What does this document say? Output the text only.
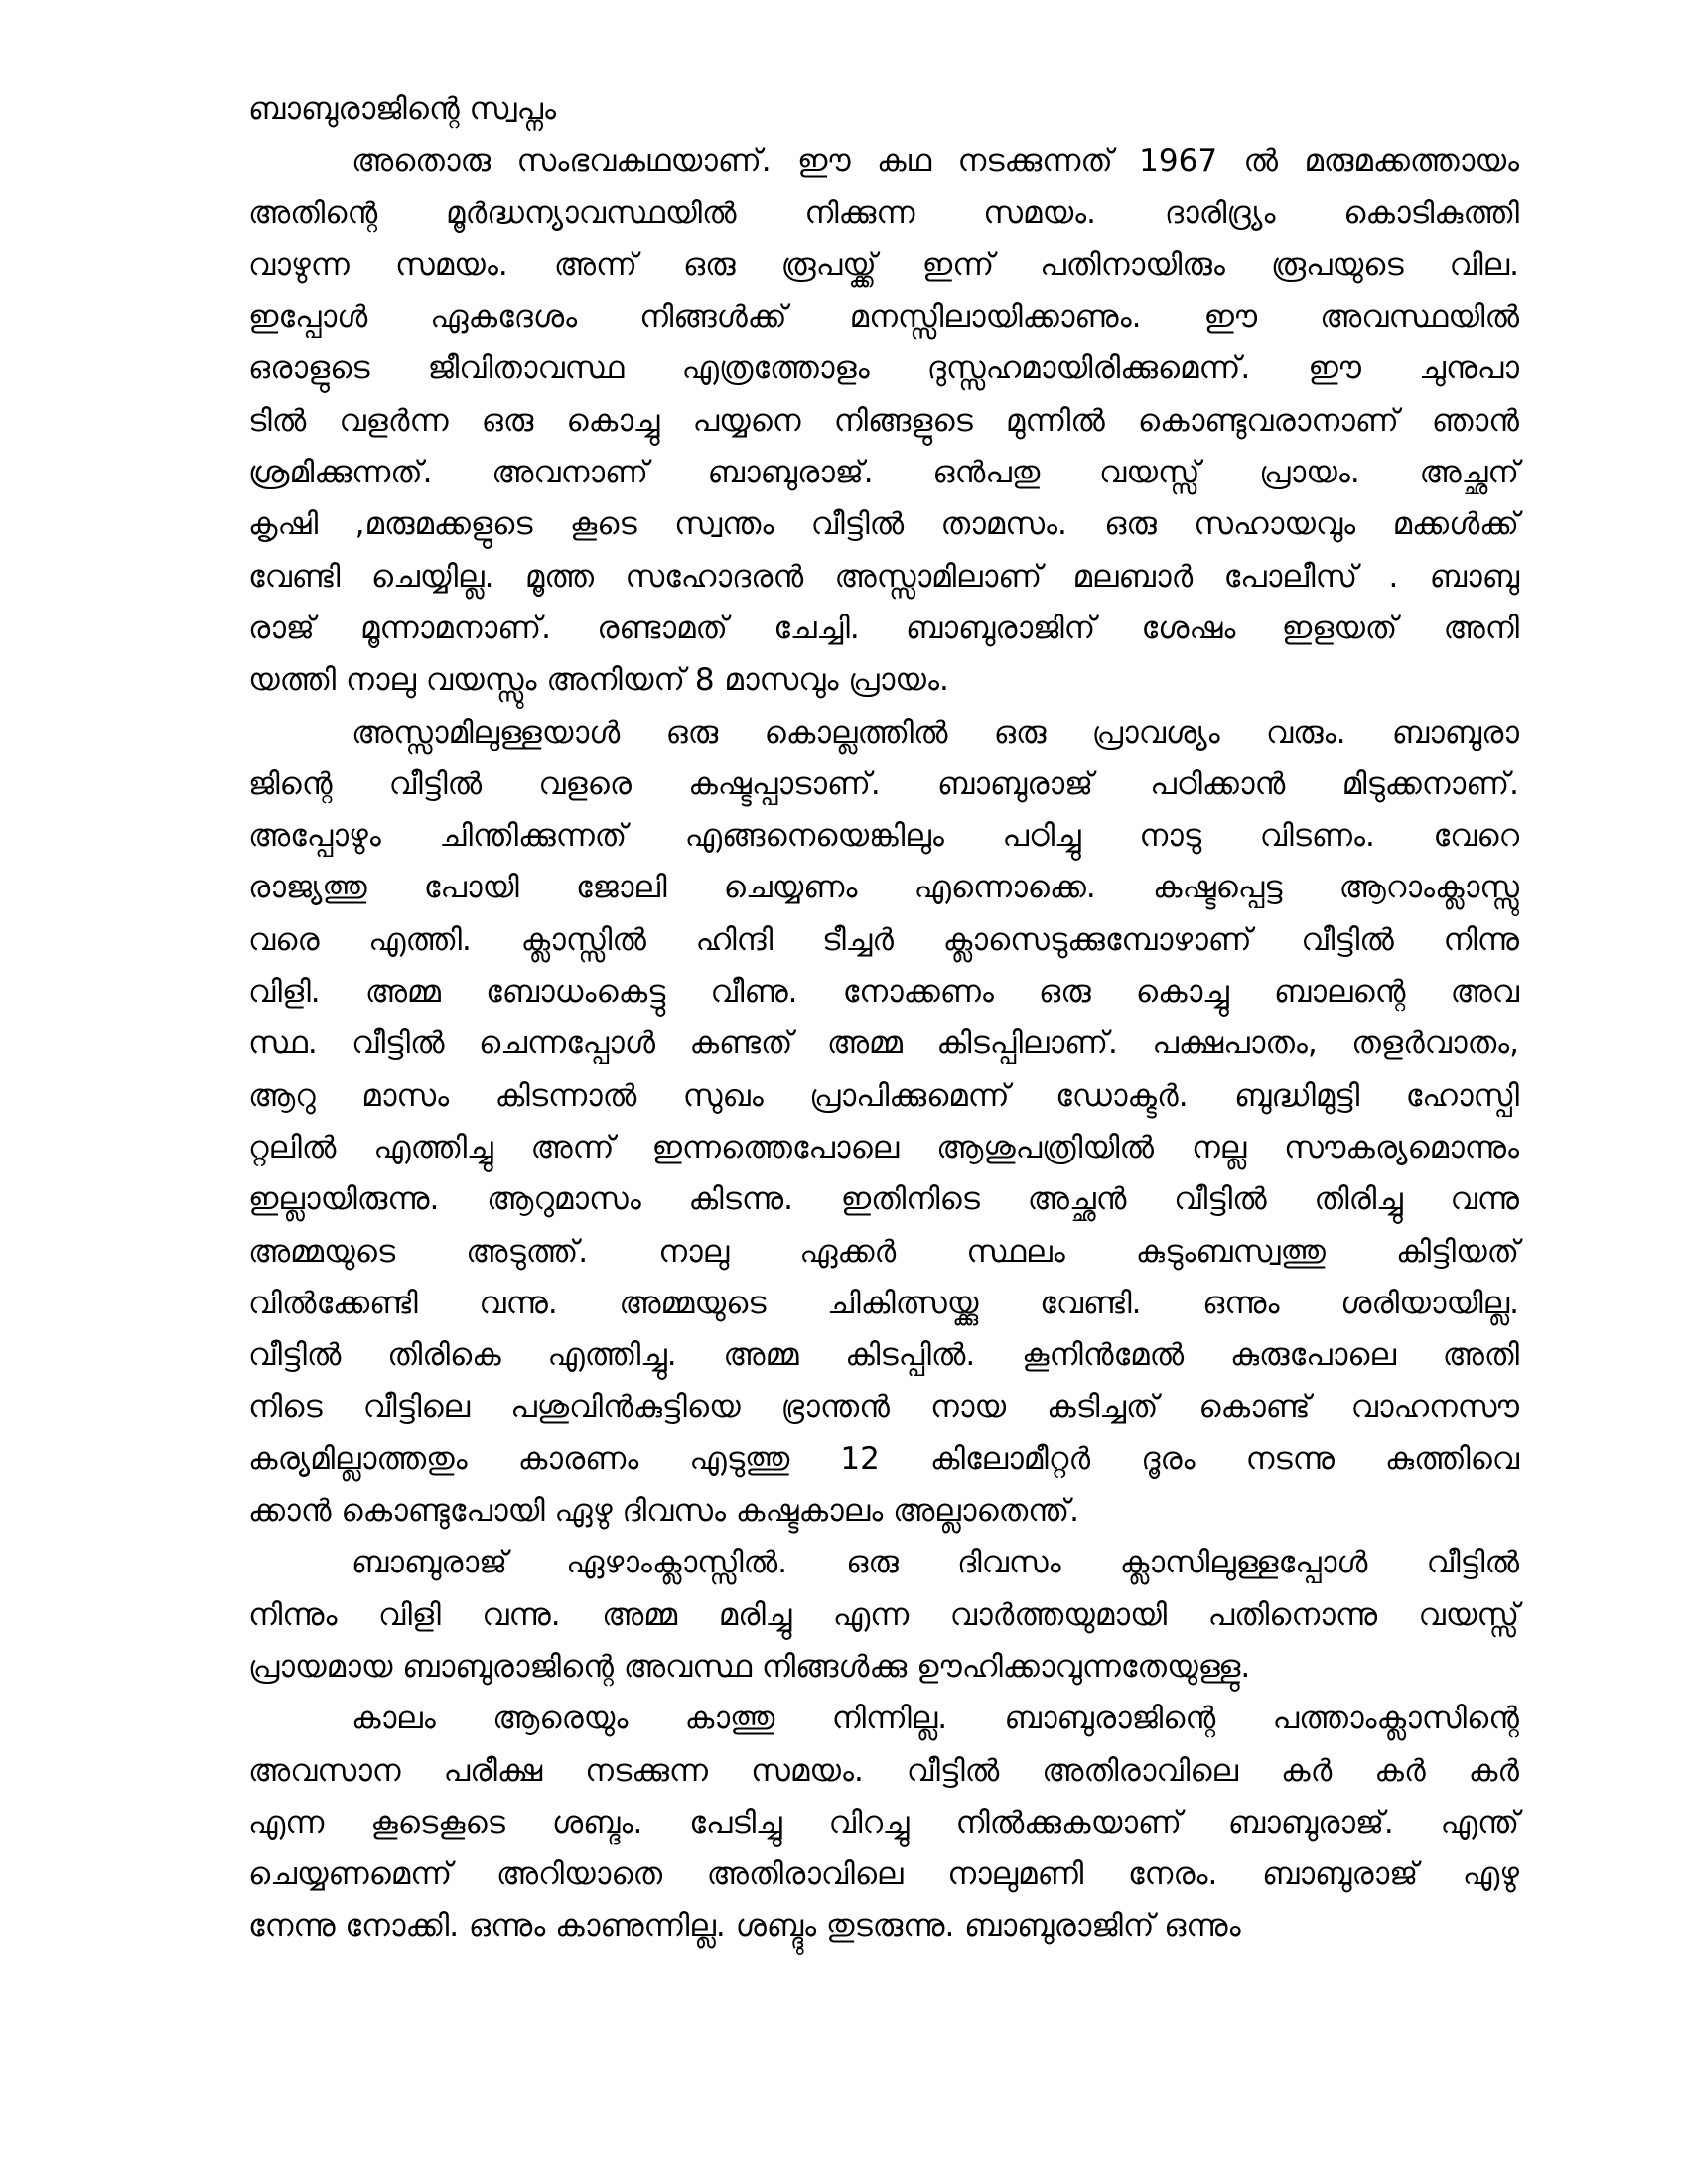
ബാബുരാജിന്റെ സ്വപ്നം
അതൊരു സംഭവകഥയാണ്. ഈ കഥ നടക്കുന്നത് 1967 ൽ മരുമക്കത്തായം
അതിന്റെ മൂർദ്ധന്യാവസ്ഥയിൽ നിക്കുന്ന സമയം. ദാരിദ്ര്യം കൊടികുത്തി
വാഴുന്ന സമയം. അന്ന് ഒരു രൂപയ്ക്ക് ഇന്ന് പതിനായിരും രൂപയുടെ വില.
ഇപ്പോൾ ഏകദേശം നിങ്ങൾക്ക് മനസ്സിലായിക്കാണും. ഈ അവസ്ഥയിൽ
ഒരാളുടെ ജീവിതാവസ്ഥ എത്രത്തോളം ദുസ്സഹമായിരിക്കുമെന്ന്. ഈ ചുനുപാ
ടിൽ വളർന്ന ഒരു കൊച്ചു പയ്യനെ നിങ്ങളുടെ മുന്നിൽ കൊണ്ടുവരാനാണ് ഞാൻ
ശ്രമിക്കുന്നത്. അവനാണ് ബാബുരാജ്. ഒൻപതു വയസ്സ് പ്രായം. അച്ഛന്
കൃഷി ,മരുമക്കളുടെ കൂടെ സ്വന്തം വീട്ടിൽ താമസം. ഒരു സഹായവും മക്കൾക്ക്
വേണ്ടി ചെയ്യില്ല. മൂത്ത സഹോദരൻ അസ്സാമിലാണ് മലബാർ പോലീസ് . ബാബു
രാജ് മൂന്നാമനാണ്. രണ്ടാമത് ചേച്ചി. ബാബുരാജിന് ശേഷം ഇളയത് അനി
യത്തി നാലു വയസ്സും അനിയന് 8 മാസവും പ്രായം.
അസ്സാമിലുള്ളയാൾ ഒരു കൊല്ലത്തിൽ ഒരു പ്രാവശ്യം വരും. ബാബുരാ
ജിന്റെ വീട്ടിൽ വളരെ കഷ്ടപ്പാടാണ്. ബാബുരാജ് പഠിക്കാൻ മിടുക്കനാണ്.
അപ്പോഴും ചിന്തിക്കുന്നത് എങ്ങനെയെങ്കിലും പഠിച്ചു നാടു വിടണം. വേറെ
രാജ്യത്തു പോയി ജോലി ചെയ്യണം എന്നൊക്കെ. കഷ്ടപ്പെട്ട ആറാംക്ലാസ്സു
വരെ എത്തി. ക്ലാസ്സിൽ ഹിന്ദി ടീച്ചർ ക്ലാസെടുക്കുമ്പോഴാണ് വീട്ടിൽ നിന്നു
വിളി. അമ്മ ബോധംകെട്ടു വീണു. നോക്കണം ഒരു കൊച്ചു ബാലന്റെ അവ
സ്ഥ. വീട്ടിൽ ചെന്നപ്പോൾ കണ്ടത് അമ്മ കിടപ്പിലാണ്. പക്ഷപാതം, തളർവാതം,
ആറു മാസം കിടന്നാൽ സുഖം പ്രാപിക്കുമെന്ന് ഡോക്ടർ. ബുദ്ധിമുട്ടി ഹോസ്പി
റ്റലിൽ എത്തിച്ചു അന്ന് ഇന്നത്തെപോലെ ആശുപത്രിയിൽ നല്ല സൗകര്യമൊന്നും
ഇല്ലായിരുന്നു. ആറുമാസം കിടന്നു. ഇതിനിടെ അച്ഛൻ വീട്ടിൽ തിരിച്ചു വന്നു
അമ്മയുടെ അടുത്ത്. നാലു ഏക്കർ സ്ഥലം കുടുംബസ്വത്തു കിട്ടിയത്
വിൽക്കേണ്ടി വന്നു. അമ്മയുടെ ചികിത്സയ്ക്കു വേണ്ടി. ഒന്നും ശരിയായില്ല.
വീട്ടിൽ തിരികെ എത്തിച്ചു. അമ്മ കിടപ്പിൽ. കൂനിൻമേൽ കുരുപോലെ അതി
നിടെ വീട്ടിലെ പശുവിൻകുട്ടിയെ ഭ്രാന്തൻ നായ കടിച്ചത് കൊണ്ട് വാഹനസൗ
കര്യമില്ലാത്തതും കാരണം എടുത്തു 12 കിലോമീറ്റർ ദൂരം നടന്നു കുത്തിവെ
ക്കാൻ കൊണ്ടുപോയി ഏഴു ദിവസം കഷ്ടകാലം അല്ലാതെന്ത്.
ബാബുരാജ് ഏഴാംക്ലാസ്സിൽ. ഒരു ദിവസം ക്ലാസിലുള്ളപ്പോൾ വീട്ടിൽ
നിന്നും വിളി വന്നു. അമ്മ മരിച്ചു എന്ന വാർത്തയുമായി പതിനൊന്നു വയസ്സ്
പ്രായമായ ബാബുരാജിന്റെ അവസ്ഥ നിങ്ങൾക്കു ഊഹിക്കാവുന്നതേയുള്ളു.
കാലം ആരെയും കാത്തു നിന്നില്ല. ബാബുരാജിന്റെ പത്താംക്ലാസിന്റെ
അവസാന പരീക്ഷ നടക്കുന്ന സമയം. വീട്ടിൽ അതിരാവിലെ കർ കർ കർ
എന്ന കൂടെകൂടെ ശബ്ദം. പേടിച്ചു വിറച്ചു നിൽക്കുകയാണ് ബാബുരാജ്. എന്ത്
ചെയ്യണമെന്ന് അറിയാതെ അതിരാവിലെ നാലുമണി നേരം. ബാബുരാജ് എഴു
നേന്നു നോക്കി. ഒന്നും കാണുന്നില്ല. ശബ്ദും തുടരുന്നു. ബാബുരാജിന് ഒന്നും
